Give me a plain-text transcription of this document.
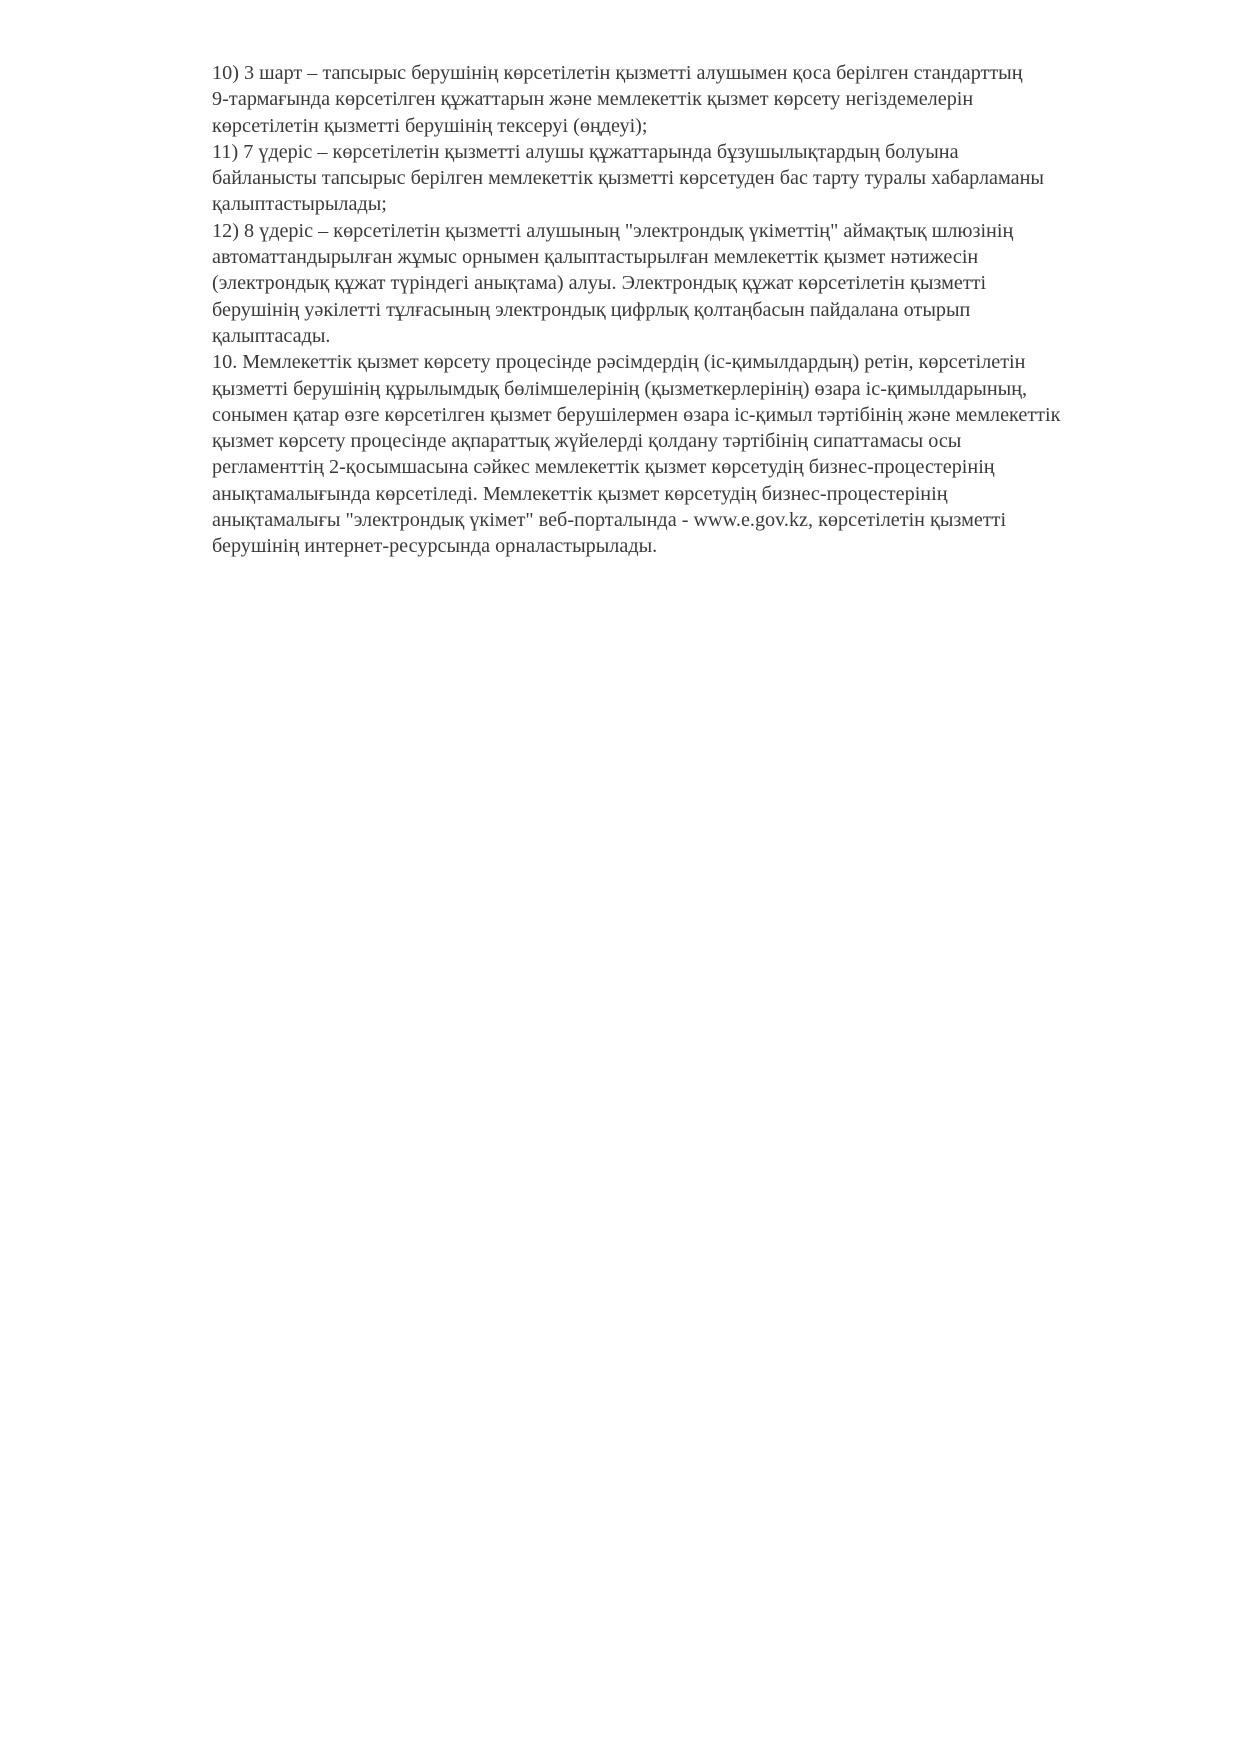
10) 3 шарт – тапсырыс берушінің көрсетілетін қызметті алушымен қоса берілген стандарттың
9-тармағында көрсетілген құжаттарын және мемлекеттік қызмет көрсету негіздемелерін
көрсетілетін қызметті берушінің тексеруі (өңдеуі);

11) 7 үдеріс – көрсетілетін қызметті алушы құжаттарында бұзушылықтардың болуына
байланысты тапсырыс берілген мемлекеттік қызметті көрсетуден бас тарту туралы хабарламаны
қалыптастырылады;

12) 8 үдеріс – көрсетілетін қызметті алушының "электрондық үкіметтің" аймақтық шлюзінің
автоматтандырылған жұмыс орнымен қалыптастырылған мемлекеттік қызмет нәтижесін
(электрондық құжат түріндегі анықтама) алуы. Электрондық құжат көрсетілетін қызметті
берушінің уәкілетті тұлғасының электрондық цифрлық қолтаңбасын пайдалана отырып
қалыптасады.

10. Мемлекеттік қызмет көрсету процесінде рәсімдердің (іс-қимылдардың) ретін, көрсетілетін
қызметті берушінің құрылымдық бөлімшелерінің (қызметкерлерінің) өзара іс-қимылдарының,
сонымен қатар өзге көрсетілген қызмет берушілермен өзара іс-қимыл тәртібінің және мемлекеттік
қызмет көрсету процесінде ақпараттық жүйелерді қолдану тәртібінің сипаттамасы осы
регламенттің 2-қосымшасына сәйкес мемлекеттік қызмет көрсетудің бизнес-процестерінің
анықтамалығында көрсетіледі. Мемлекеттік қызмет көрсетудің бизнес-процестерінің
анықтамалығы "электрондық үкімет" веб-порталында - www.e.gov.kz, көрсетілетін қызметті
берушінің интернет-ресурсында орналастырылады.
